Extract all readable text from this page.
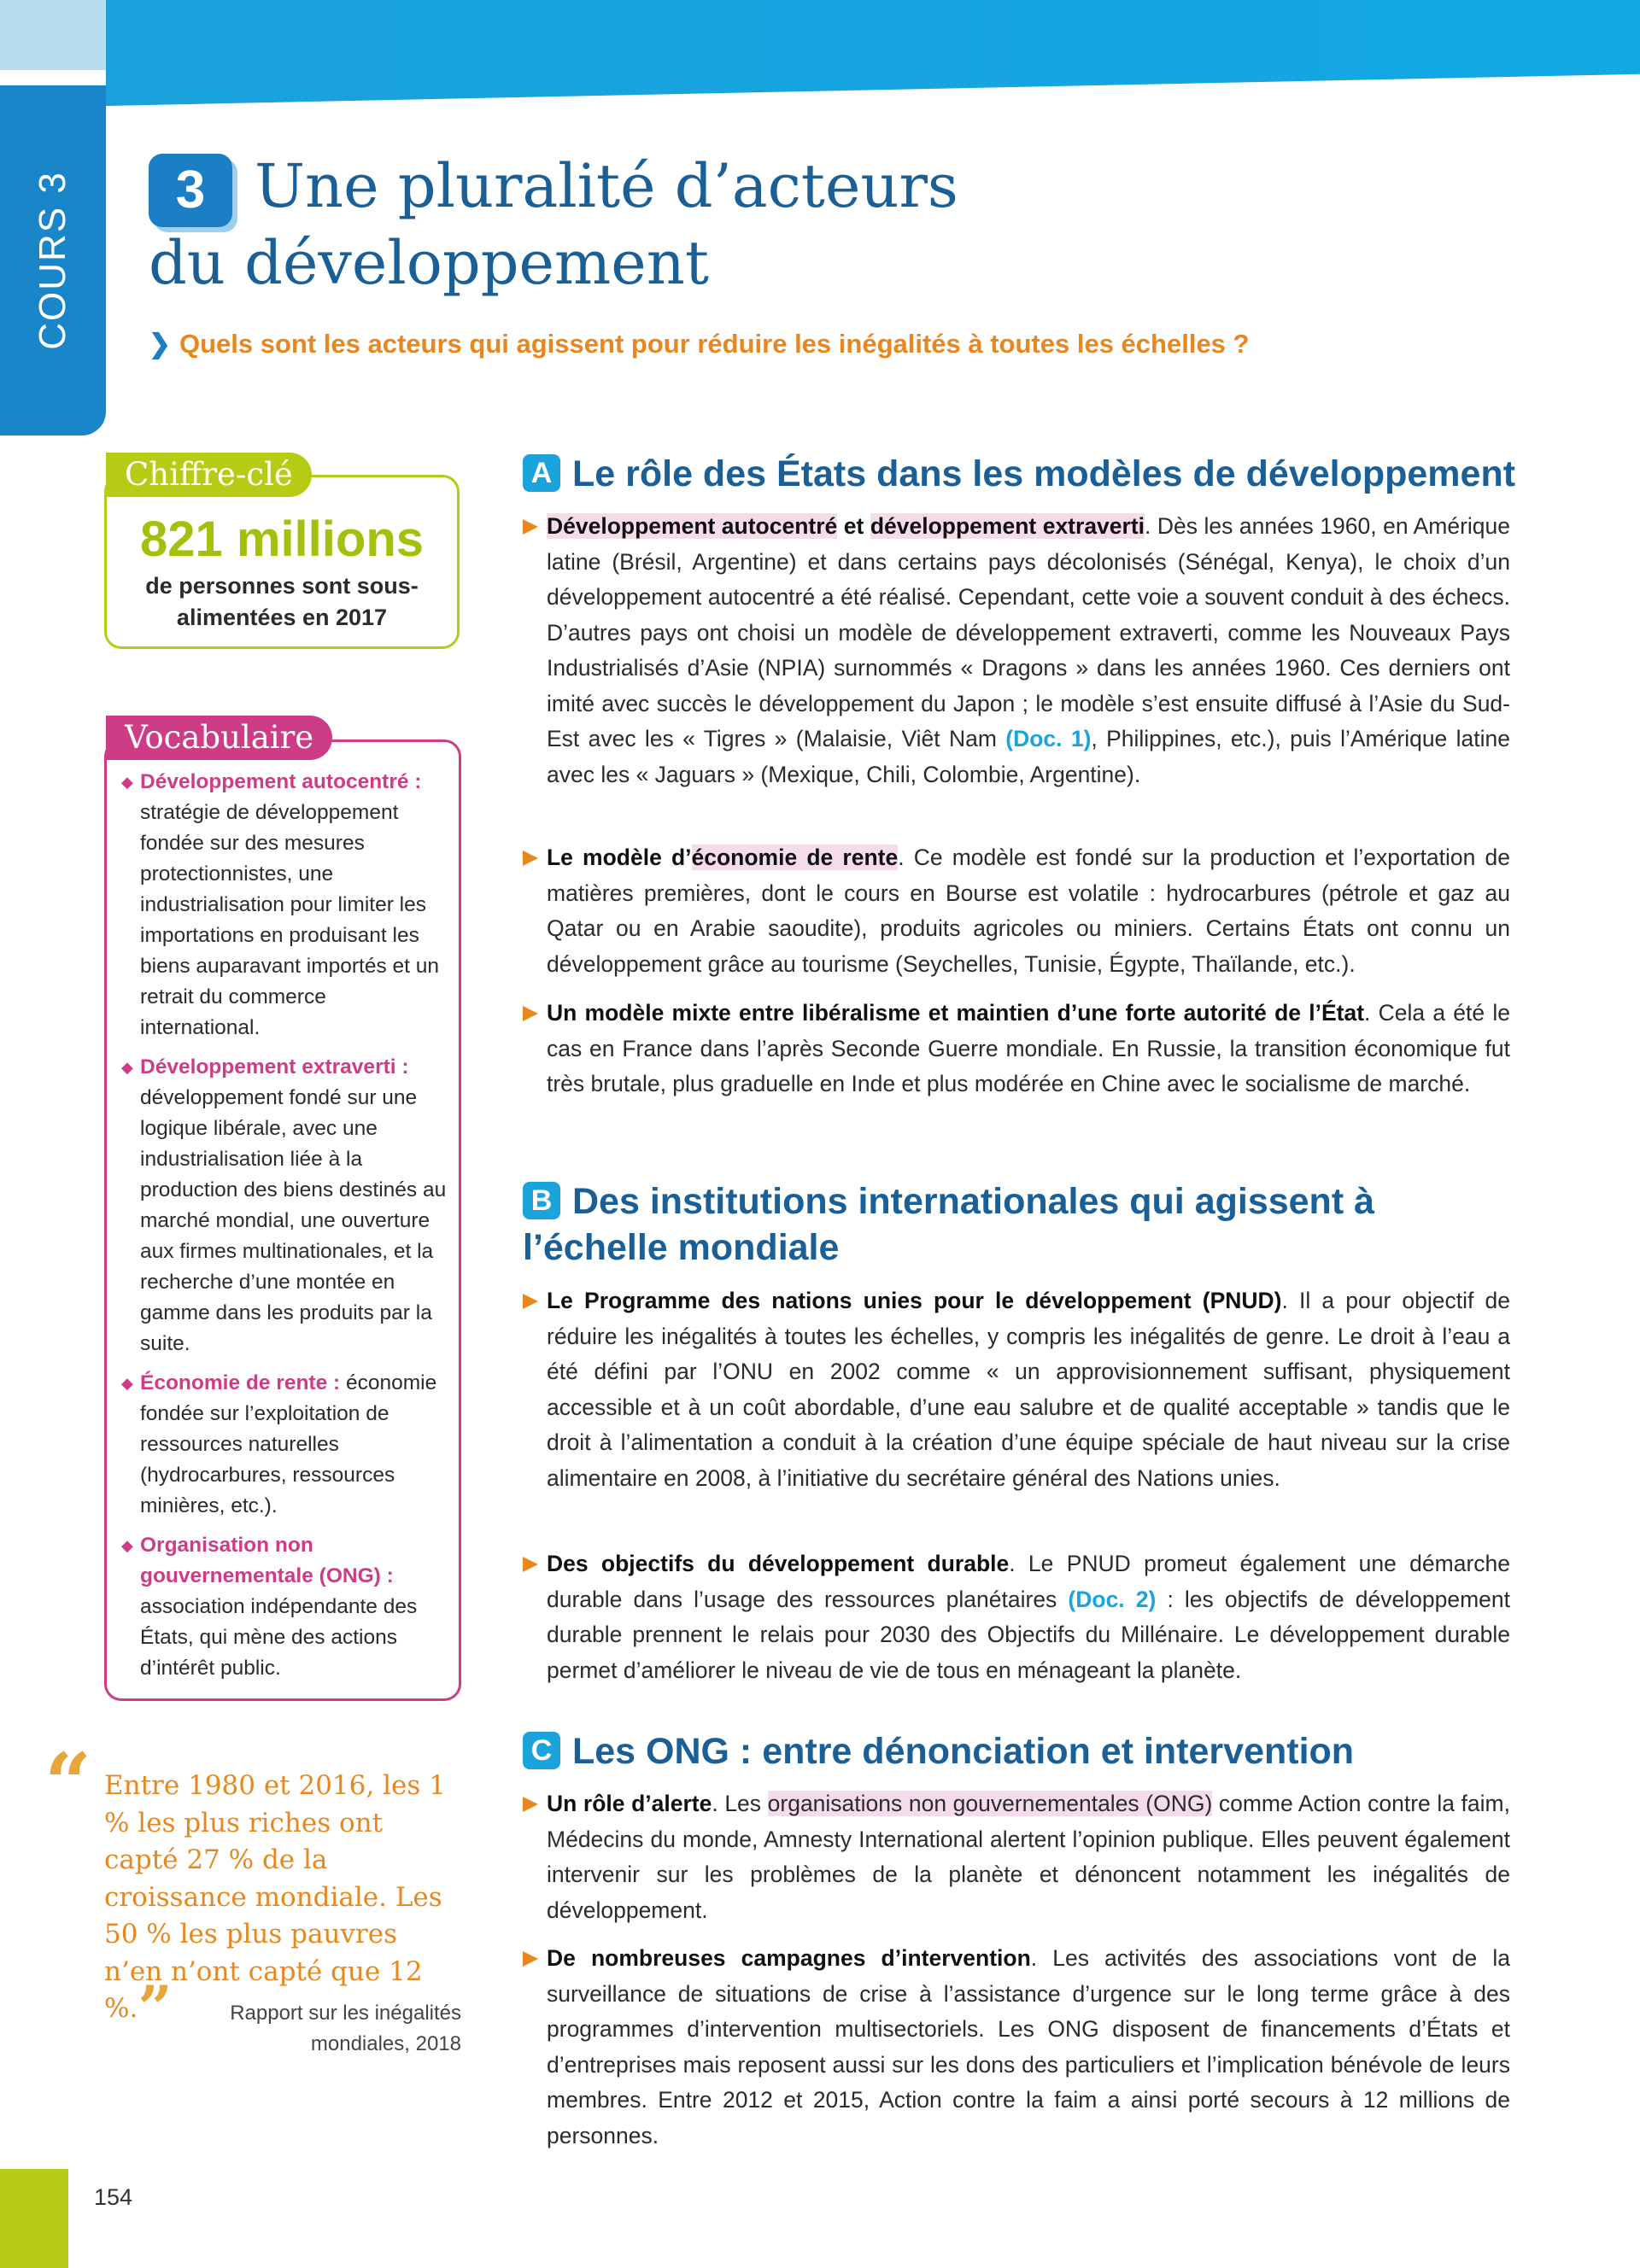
COURS 3	3 Une pluralité d’acteurs
du développement
❯ Quels sont les acteurs qui agissent pour réduire les inégalités à toutes les échelles ?
Chiffre-clé
821 millions
de personnes sont sous-alimentées en 2017
Vocabulaire
◆ Développement autocentré : stratégie de développement fondée sur des mesures protectionnistes, une industrialisation pour limiter les importations en produisant les biens auparavant importés et un retrait du commerce international.
◆ Développement extraverti : développement fondé sur une logique libérale, avec une industrialisation liée à la production des biens destinés au marché mondial, une ouverture aux firmes multinationales, et la recherche d’une montée en gamme dans les produits par la suite.
◆ Économie de rente : économie fondée sur l’exploitation de ressources naturelles (hydrocarbures, ressources minières, etc.).
◆ Organisation non gouvernementale (ONG) : association indépendante des États, qui mène des actions d’intérêt public.
“ Entre 1980 et 2016, les 1 % les plus riches ont capté 27 % de la croissance mondiale. Les 50 % les plus pauvres n’en n’ont capté que 12 %.”	Rapport sur les inégalités mondiales, 2018
A Le rôle des États dans les modèles de développement
Développement autocentré et développement extraverti. Dès les années 1960, en Amérique latine (Brésil, Argentine) et dans certains pays décolonisés (Sénégal, Kenya), le choix d’un développement autocentré a été réalisé. Cependant, cette voie a souvent conduit à des échecs. D’autres pays ont choisi un modèle de développement extraverti, comme les Nouveaux Pays Industrialisés d’Asie (NPIA) surnommés « Dragons » dans les années 1960. Ces derniers ont imité avec succès le développement du Japon ; le modèle s’est ensuite diffusé à l’Asie du Sud-Est avec les « Tigres » (Malaisie, Viêt Nam (Doc. 1), Philippines, etc.), puis l’Amérique latine avec les « Jaguars » (Mexique, Chili, Colombie, Argentine).
Le modèle d’économie de rente. Ce modèle est fondé sur la production et l’exportation de matières premières, dont le cours en Bourse est volatile : hydrocarbures (pétrole et gaz au Qatar ou en Arabie saoudite), produits agricoles ou miniers. Certains États ont connu un développement grâce au tourisme (Seychelles, Tunisie, Égypte, Thaïlande, etc.).
Un modèle mixte entre libéralisme et maintien d’une forte autorité de l’État. Cela a été le cas en France dans l’après Seconde Guerre mondiale. En Russie, la transition économique fut très brutale, plus graduelle en Inde et plus modérée en Chine avec le socialisme de marché.
B Des institutions internationales qui agissent à l’échelle mondiale
Le Programme des nations unies pour le développement (PNUD). Il a pour objectif de réduire les inégalités à toutes les échelles, y compris les inégalités de genre. Le droit à l’eau a été défini par l’ONU en 2002 comme « un approvisionnement suffisant, physiquement accessible et à un coût abordable, d’une eau salubre et de qualité acceptable » tandis que le droit à l’alimentation a conduit à la création d’une équipe spéciale de haut niveau sur la crise alimentaire en 2008, à l’initiative du secrétaire général des Nations unies.
Des objectifs du développement durable. Le PNUD promeut également une démarche durable dans l’usage des ressources planétaires (Doc. 2) : les objectifs de développement durable prennent le relais pour 2030 des Objectifs du Millénaire. Le développement durable permet d’améliorer le niveau de vie de tous en ménageant la planète.
C Les ONG : entre dénonciation et intervention
Un rôle d’alerte. Les organisations non gouvernementales (ONG) comme Action contre la faim, Médecins du monde, Amnesty International alertent l’opinion publique. Elles peuvent également intervenir sur les problèmes de la planète et dénoncent notamment les inégalités de développement.
De nombreuses campagnes d’intervention. Les activités des associations vont de la surveillance de situations de crise à l’assistance d’urgence sur le long terme grâce à des programmes d’intervention multisectoriels. Les ONG disposent de financements d’États et d’entreprises mais reposent aussi sur les dons des particuliers et l’implication bénévole de leurs membres. Entre 2012 et 2015, Action contre la faim a ainsi porté secours à 12 millions de personnes.
154
